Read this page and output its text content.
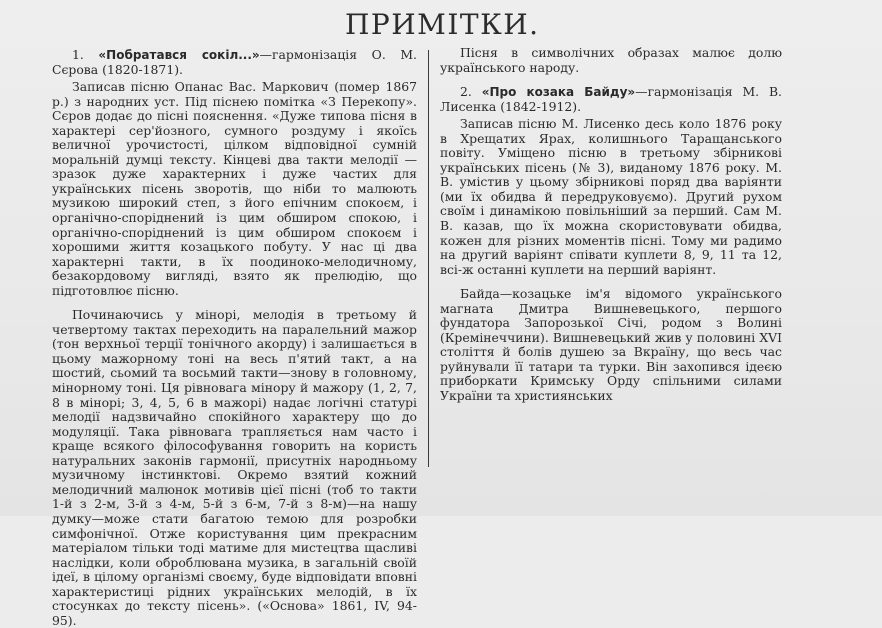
ПРИМІТКИ.

1. «Побратався сокіл...»—гармонізація О. М. Сєрова (1820-1871).

Записав пісню Опанас Вас. Маркович (помер 1867 р.) з народних уст. Під піснею помітка «З Перекопу». Сєров додає до пісні пояснення. «Дуже типова пісня в характері сер'йозного, сумного роздуму і якоїсь величної урочистості, цілком відповідної сумній моральній думці тексту. Кінцеві два такти мелодії — зразок дуже характерних і дуже частих для українських пісень зворотів, що ніби то малюють музикою широкий степ, з його епічним спокоєм, і органічно-споріднений із цим обширом спокою, і органічно-споріднений із цим обширом спокоєм і хорошими життя козацького побуту. У нас ці два характерні такти, в їх поодиноко-мелодичному, безакордовому вигляді, взято як прелюдію, що підготовлює пісню.

Починаючись у мінорі, мелодія в третьому й четвертому тактах переходить на паралельний мажор (тон верхньої терції тонічного акорду) і залишається в цьому мажорному тоні на весь п'ятий такт, а на шостий, сьомий та восьмий такти—знову в головному, мінорному тоні. Ця рівновага мінору й мажору (1, 2, 7, 8 в мінорі; 3, 4, 5, 6 в мажорі) надає логічні статурі мелодії надзвичайно спокійного характеру що до модуляції. Така рівновага трапляється нам часто і краще всякого філософування говорить на користь натуральних законів гармонії, присутніх народньому музичному інстинктові. Окремо взятий кожний мелодичний малюнок мотивів цієї пісні (тоб то такти 1-й з 2-м, 3-й з 4-м, 5-й з 6-м, 7-й з 8-м)—на нашу думку—може стати багатою темою для розробки симфонічної. Отже користування цим прекрасним матеріалом тільки тоді матиме для мистецтва щасливі наслідки, коли обрoблювана музика, в загальній своїй ідеї, в цілому організмі своєму, буде відповідати вповні характеристиці рідних українських мелодій, в їх стосунках до тексту пісень». («Основа» 1861, IV, 94-95).

Пісня в символічних образах малює долю українського народу.

2. «Про козака Байду»—гармонізація М. В. Лисенка (1842-1912).

Записав пісню М. Лисенко десь коло 1876 року в Хрещатих Ярах, колишнього Таращанського повіту. Уміщено пісню в третьому збірникові українських пісень (№ 3), виданому 1876 року. М. В. умістив у цьому збірникові поряд два варіянти (ми їх обидва й передруковуємо). Другий рухом своїм і динамікою повільніший за перший. Сам М. В. казав, що їх можна скористовувати обидва, кожен для різних моментів пісні. Тому ми радимо на другий варіянт співати куплети 8, 9, 11 та 12, всі-ж останні куплети на перший варіянт.

Байда—козацьке ім'я відомого українського магната Дмитра Вишневецького, першого фундатора Запорозької Січі, родом з Волині (Кремінеччини). Вишневецький жив у половині XVI століття й болів душею за Вкраїну, що весь час руйнували її татари та турки. Він захопився ідеєю приборкати Кримську Орду спільними силами України та християнських
